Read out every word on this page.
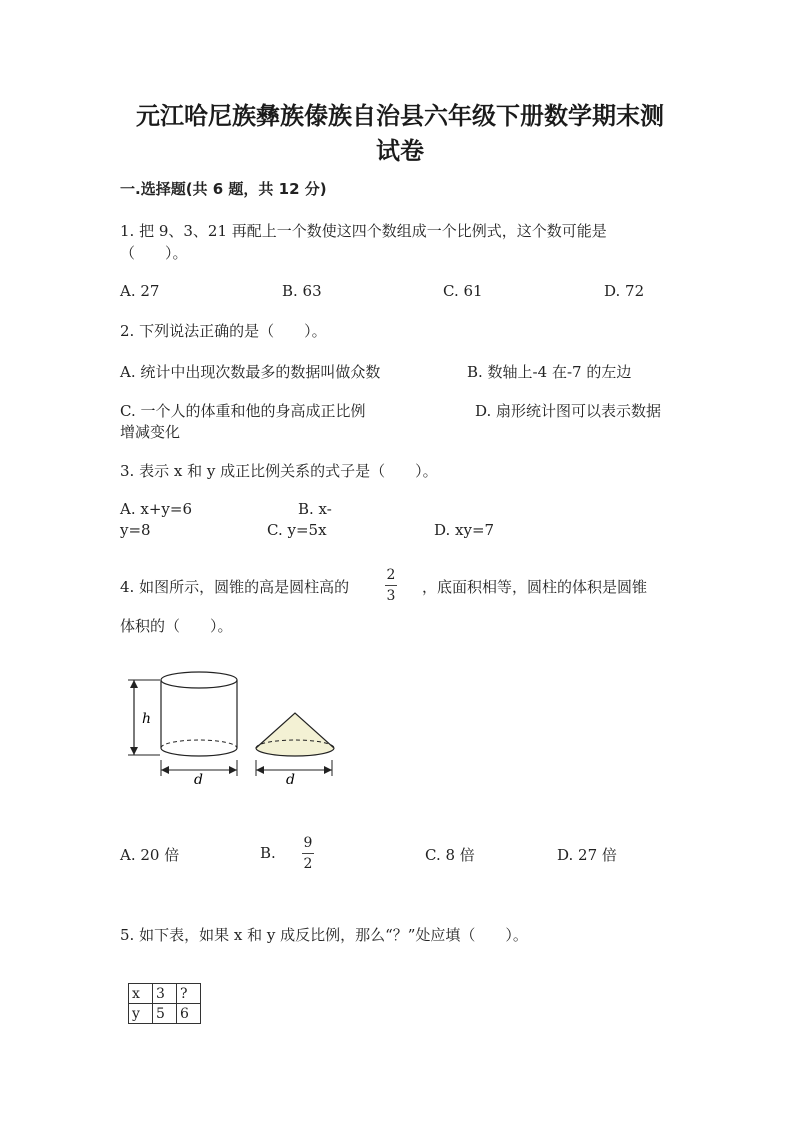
元江哈尼族彝族傣族自治县六年级下册数学期末测
试卷
一.选择题(共 6 题，共 12 分)
1. 把 9、3、21 再配上一个数使这四个数组成一个比例式，这个数可能是
（　　）。
A. 27	B. 63	C. 61	D. 72
2. 下列说法正确的是（　　）。
A. 统计中出现次数最多的数据叫做众数	B. 数轴上-4 在-7 的左边
C. 一个人的体重和他的身高成正比例	D. 扇形统计图可以表示数据
增减变化
3. 表示 x 和 y 成正比例关系的式子是（　　）。
A. x+y=6	B. x-
y=8	C. y=5x	D. xy=7
4. 如图所示，圆锥的高是圆柱高的
2
3 ，底面积相等，圆柱的体积是圆锥
体积的（　　）。
h
d	d
A. 20 倍	B.
9
2	C. 8 倍	D. 27 倍
5. 如下表，如果 x 和 y 成反比例，那么“？”处应填（　　）。
x	3	?
y	5	6
